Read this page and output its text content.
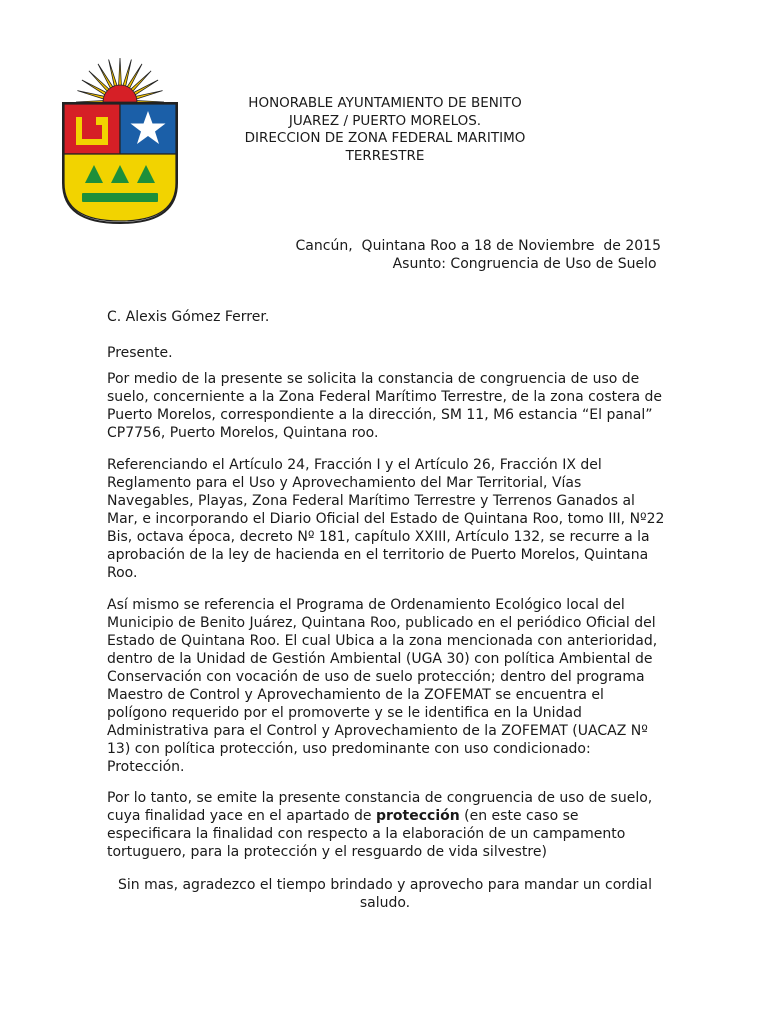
HONORABLE AYUNTAMIENTO DE BENITO
JUAREZ / PUERTO MORELOS.
DIRECCION DE ZONA FEDERAL MARITIMO
TERRESTRE
Cancún,  Quintana Roo a 18 de Noviembre  de 2015
Asunto: Congruencia de Uso de Suelo
C. Alexis Gómez Ferrer.
Presente.
Por medio de la presente se solicita la constancia de congruencia de uso de suelo, concerniente a la Zona Federal Marítimo Terrestre, de la zona costera de Puerto Morelos, correspondiente a la dirección, SM 11, M6 estancia “El panal” CP7756, Puerto Morelos, Quintana roo.
Referenciando el Artículo 24, Fracción I y el Artículo 26, Fracción IX del Reglamento para el Uso y Aprovechamiento del Mar Territorial, Vías Navegables, Playas, Zona Federal Marítimo Terrestre y Terrenos Ganados al Mar, e incorporando el Diario Oficial del Estado de Quintana Roo, tomo III, Nº22 Bis, octava época, decreto Nº 181, capítulo XXIII, Artículo 132, se recurre a la aprobación de la ley de hacienda en el territorio de Puerto Morelos, Quintana Roo.
Así mismo se referencia el Programa de Ordenamiento Ecológico local del Municipio de Benito Juárez, Quintana Roo, publicado en el periódico Oficial del Estado de Quintana Roo. El cual Ubica a la zona mencionada con anterioridad, dentro de la Unidad de Gestión Ambiental (UGA 30) con política Ambiental de Conservación con vocación de uso de suelo protección; dentro del programa Maestro de Control y Aprovechamiento de la ZOFEMAT se encuentra el polígono requerido por el promoverte y se le identifica en la Unidad Administrativa para el Control y Aprovechamiento de la ZOFEMAT (UACAZ Nº 13) con política protección, uso predominante con uso condicionado: Protección.
Por lo tanto, se emite la presente constancia de congruencia de uso de suelo, cuya finalidad yace en el apartado de protección (en este caso se especificara la finalidad con respecto a la elaboración de un campamento tortuguero, para la protección y el resguardo de vida silvestre)
Sin mas, agradezco el tiempo brindado y aprovecho para mandar un cordial saludo.
